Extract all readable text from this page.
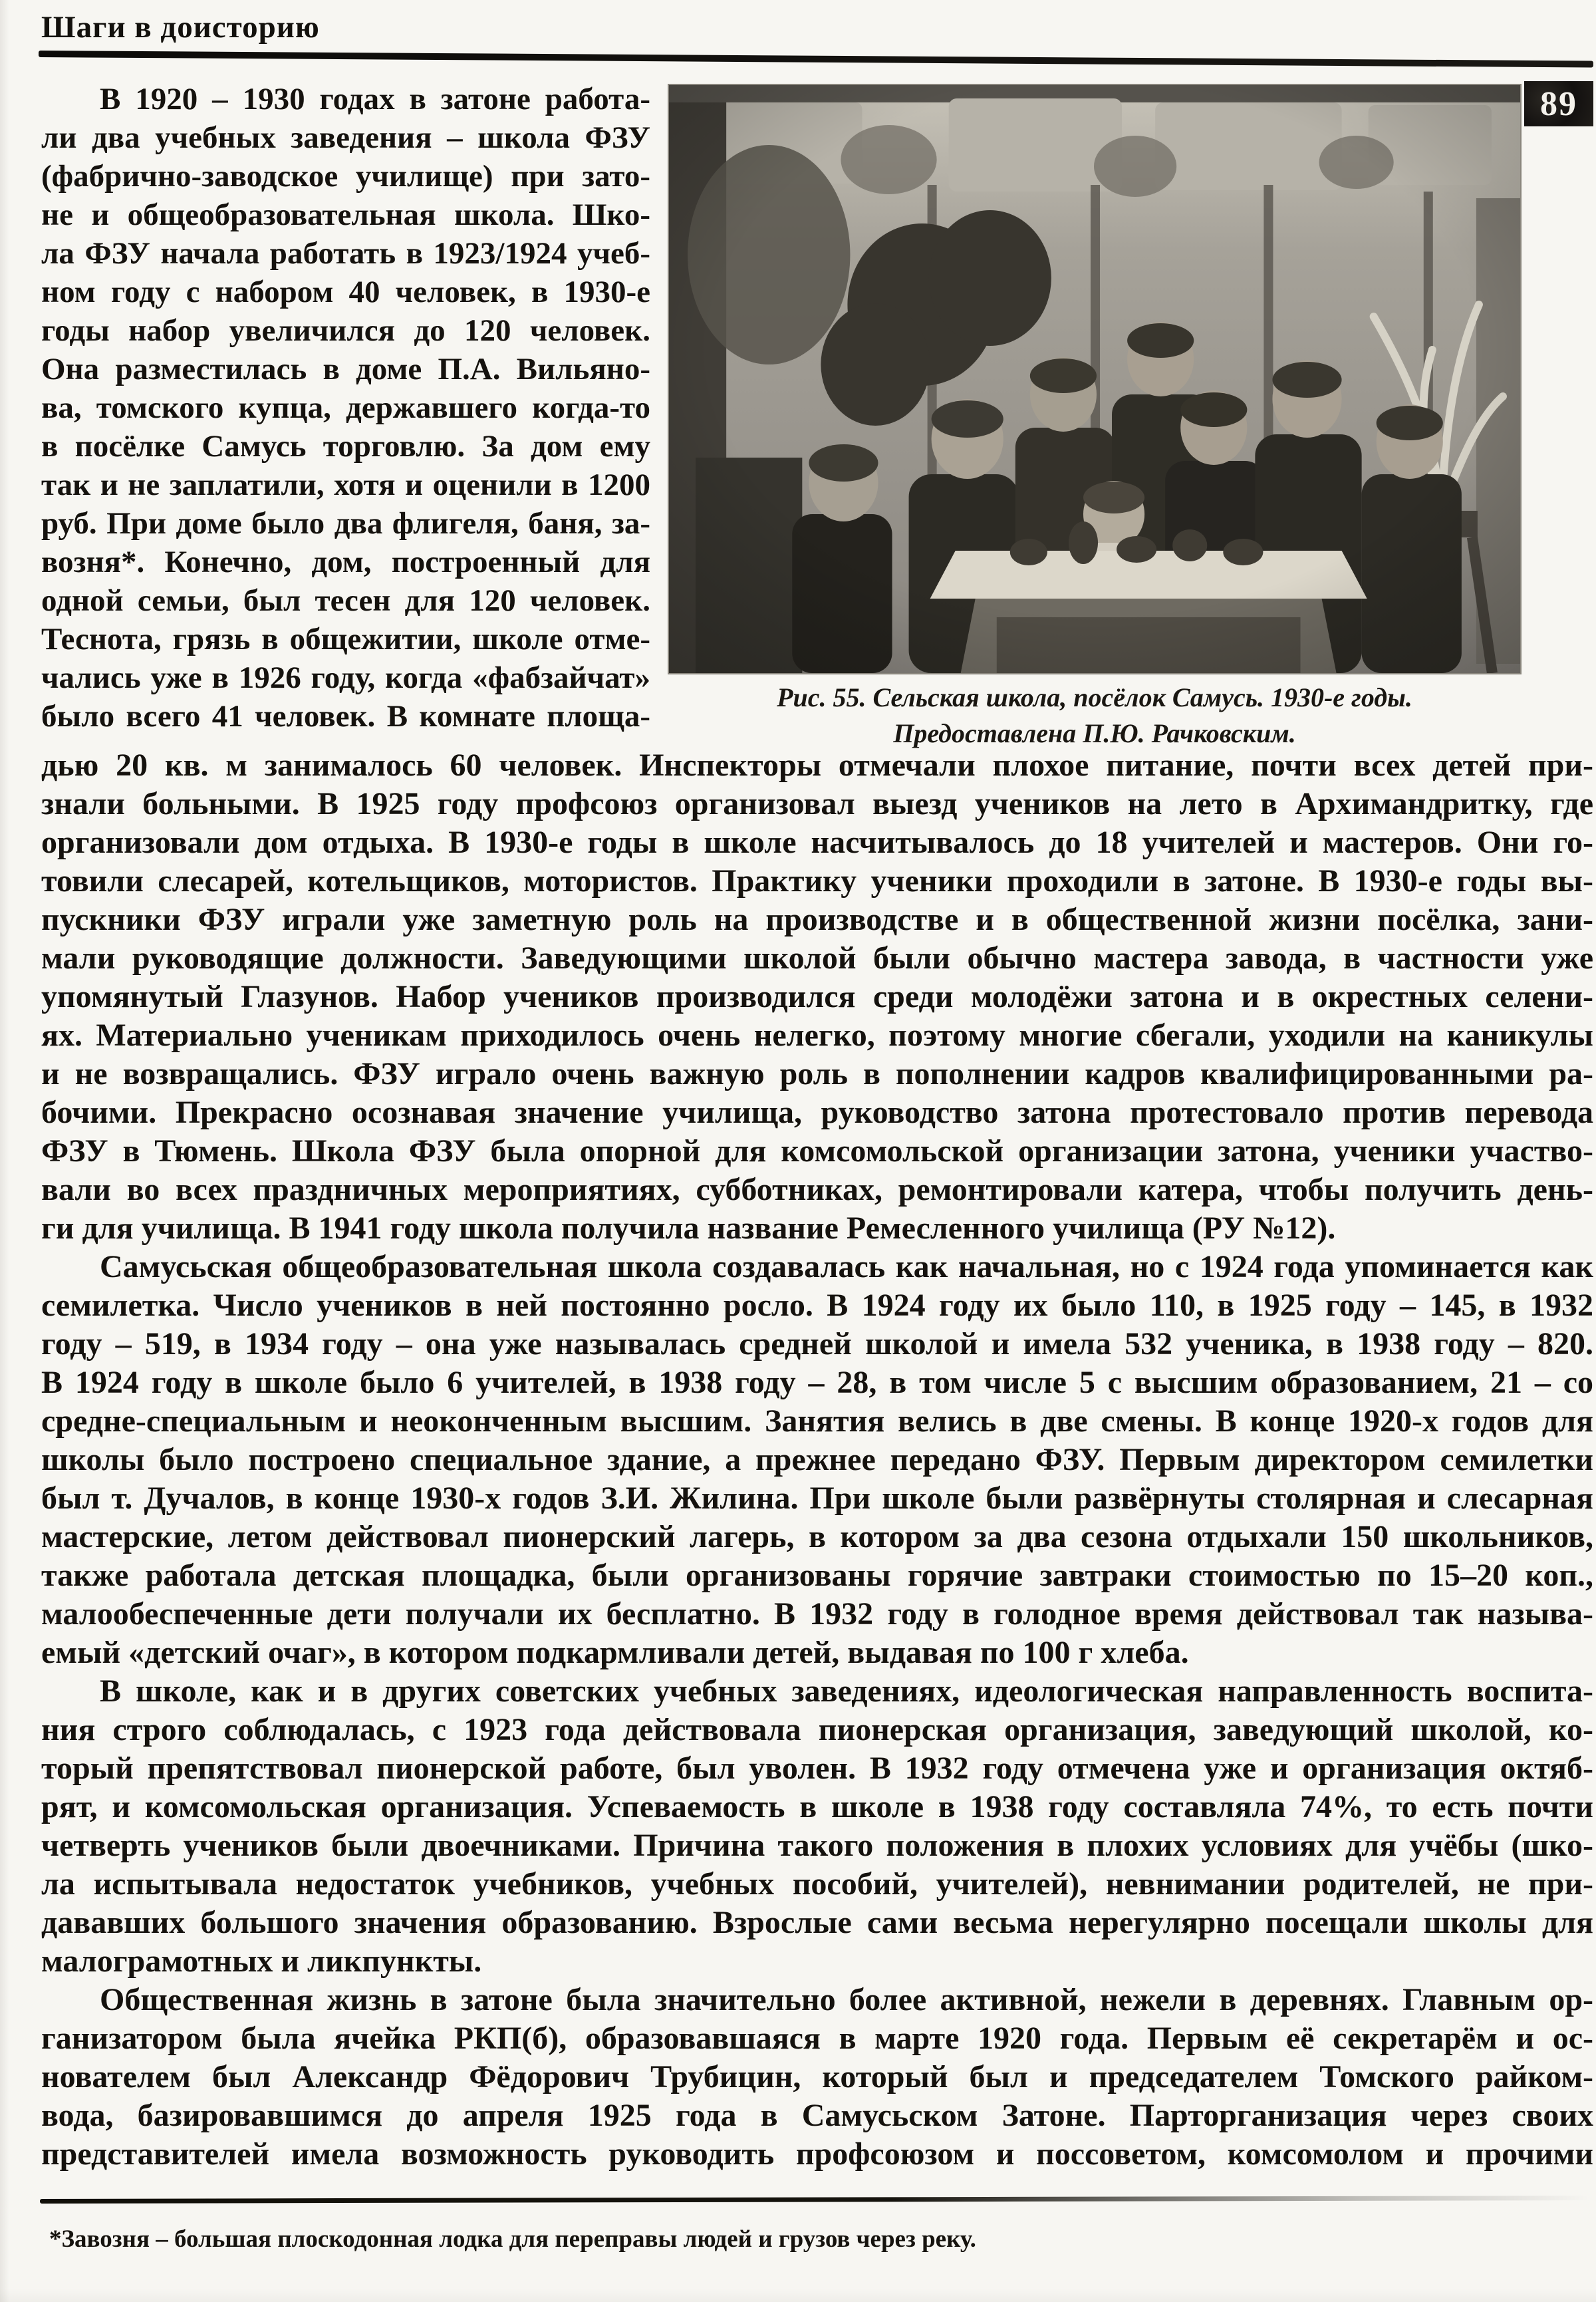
Шаги в доисторию
89
В 1920 – 1930 годах в затоне работа-
ли два учебных заведения – школа ФЗУ
(фабрично-заводское училище) при зато-
не и общеобразовательная школа. Шко-
ла ФЗУ начала работать в 1923/1924 учеб-
ном году с набором 40 человек, в 1930-е
годы набор увеличился до 120 человек.
Она разместилась в доме П.А. Вильяно-
ва, томского купца, державшего когда-то
в посёлке Самусь торговлю. За дом ему
так и не заплатили, хотя и оценили в 1200
руб. При доме было два флигеля, баня, за-
возня*. Конечно, дом, построенный для
одной семьи, был тесен для 120 человек.
Теснота, грязь в общежитии, школе отме-
чались уже в 1926 году, когда «фабзайчат»
было всего 41 человек. В комнате площа-
Рис. 55. Сельская школа, посёлок Самусь. 1930-е годы.
Предоставлена П.Ю. Рачковским.
дью 20 кв. м занималось 60 человек. Инспекторы отмечали плохое питание, почти всех детей при-
знали больными. В 1925 году профсоюз организовал выезд учеников на лето в Архимандритку, где
организовали дом отдыха. В 1930-е годы в школе насчитывалось до 18 учителей и мастеров. Они го-
товили слесарей, котельщиков, мотористов. Практику ученики проходили в затоне. В 1930-е годы вы-
пускники ФЗУ играли уже заметную роль на производстве и в общественной жизни посёлка, зани-
мали руководящие должности. Заведующими школой были обычно мастера завода, в частности уже
упомянутый Глазунов. Набор учеников производился среди молодёжи затона и в окрестных селени-
ях. Материально ученикам приходилось очень нелегко, поэтому многие сбегали, уходили на каникулы
и не возвращались. ФЗУ играло очень важную роль в пополнении кадров квалифицированными ра-
бочими. Прекрасно осознавая значение училища, руководство затона протестовало против перевода
ФЗУ в Тюмень. Школа ФЗУ была опорной для комсомольской организации затона, ученики участво-
вали во всех праздничных мероприятиях, субботниках, ремонтировали катера, чтобы получить день-
ги для училища. В 1941 году школа получила название Ремесленного училища (РУ №12).
Самусьская общеобразовательная школа создавалась как начальная, но с 1924 года упоминается как
семилетка. Число учеников в ней постоянно росло. В 1924 году их было 110, в 1925 году – 145, в 1932
году – 519, в 1934 году – она уже называлась средней школой и имела 532 ученика, в 1938 году – 820.
В 1924 году в школе было 6 учителей, в 1938 году – 28, в том числе 5 с высшим образованием, 21 – со
средне-специальным и неоконченным высшим. Занятия велись в две смены. В конце 1920-х годов для
школы было построено специальное здание, а прежнее передано ФЗУ. Первым директором семилетки
был т. Дучалов, в конце 1930-х годов З.И. Жилина. При школе были развёрнуты столярная и слесарная
мастерские, летом действовал пионерский лагерь, в котором за два сезона отдыхали 150 школьников,
также работала детская площадка, были организованы горячие завтраки стоимостью по 15–20 коп.,
малообеспеченные дети получали их бесплатно. В 1932 году в голодное время действовал так называ-
емый «детский очаг», в котором подкармливали детей, выдавая по 100 г хлеба.
В школе, как и в других советских учебных заведениях, идеологическая направленность воспита-
ния строго соблюдалась, с 1923 года действовала пионерская организация, заведующий школой, ко-
торый препятствовал пионерской работе, был уволен. В 1932 году отмечена уже и организация октяб-
рят, и комсомольская организация. Успеваемость в школе в 1938 году составляла 74%, то есть почти
четверть учеников были двоечниками. Причина такого положения в плохих условиях для учёбы (шко-
ла испытывала недостаток учебников, учебных пособий, учителей), невнимании родителей, не при-
дававших большого значения образованию. Взрослые сами весьма нерегулярно посещали школы для
малограмотных и ликпункты.
Общественная жизнь в затоне была значительно более активной, нежели в деревнях. Главным ор-
ганизатором была ячейка РКП(б), образовавшаяся в марте 1920 года. Первым её секретарём и ос-
нователем был Александр Фёдорович Трубицин, который был и председателем Томского райком-
вода, базировавшимся до апреля 1925 года в Самусьском Затоне. Парторганизация через своих
представителей имела возможность руководить профсоюзом и поссоветом, комсомолом и прочими
*Завозня – большая плоскодонная лодка для переправы людей и грузов через реку.
